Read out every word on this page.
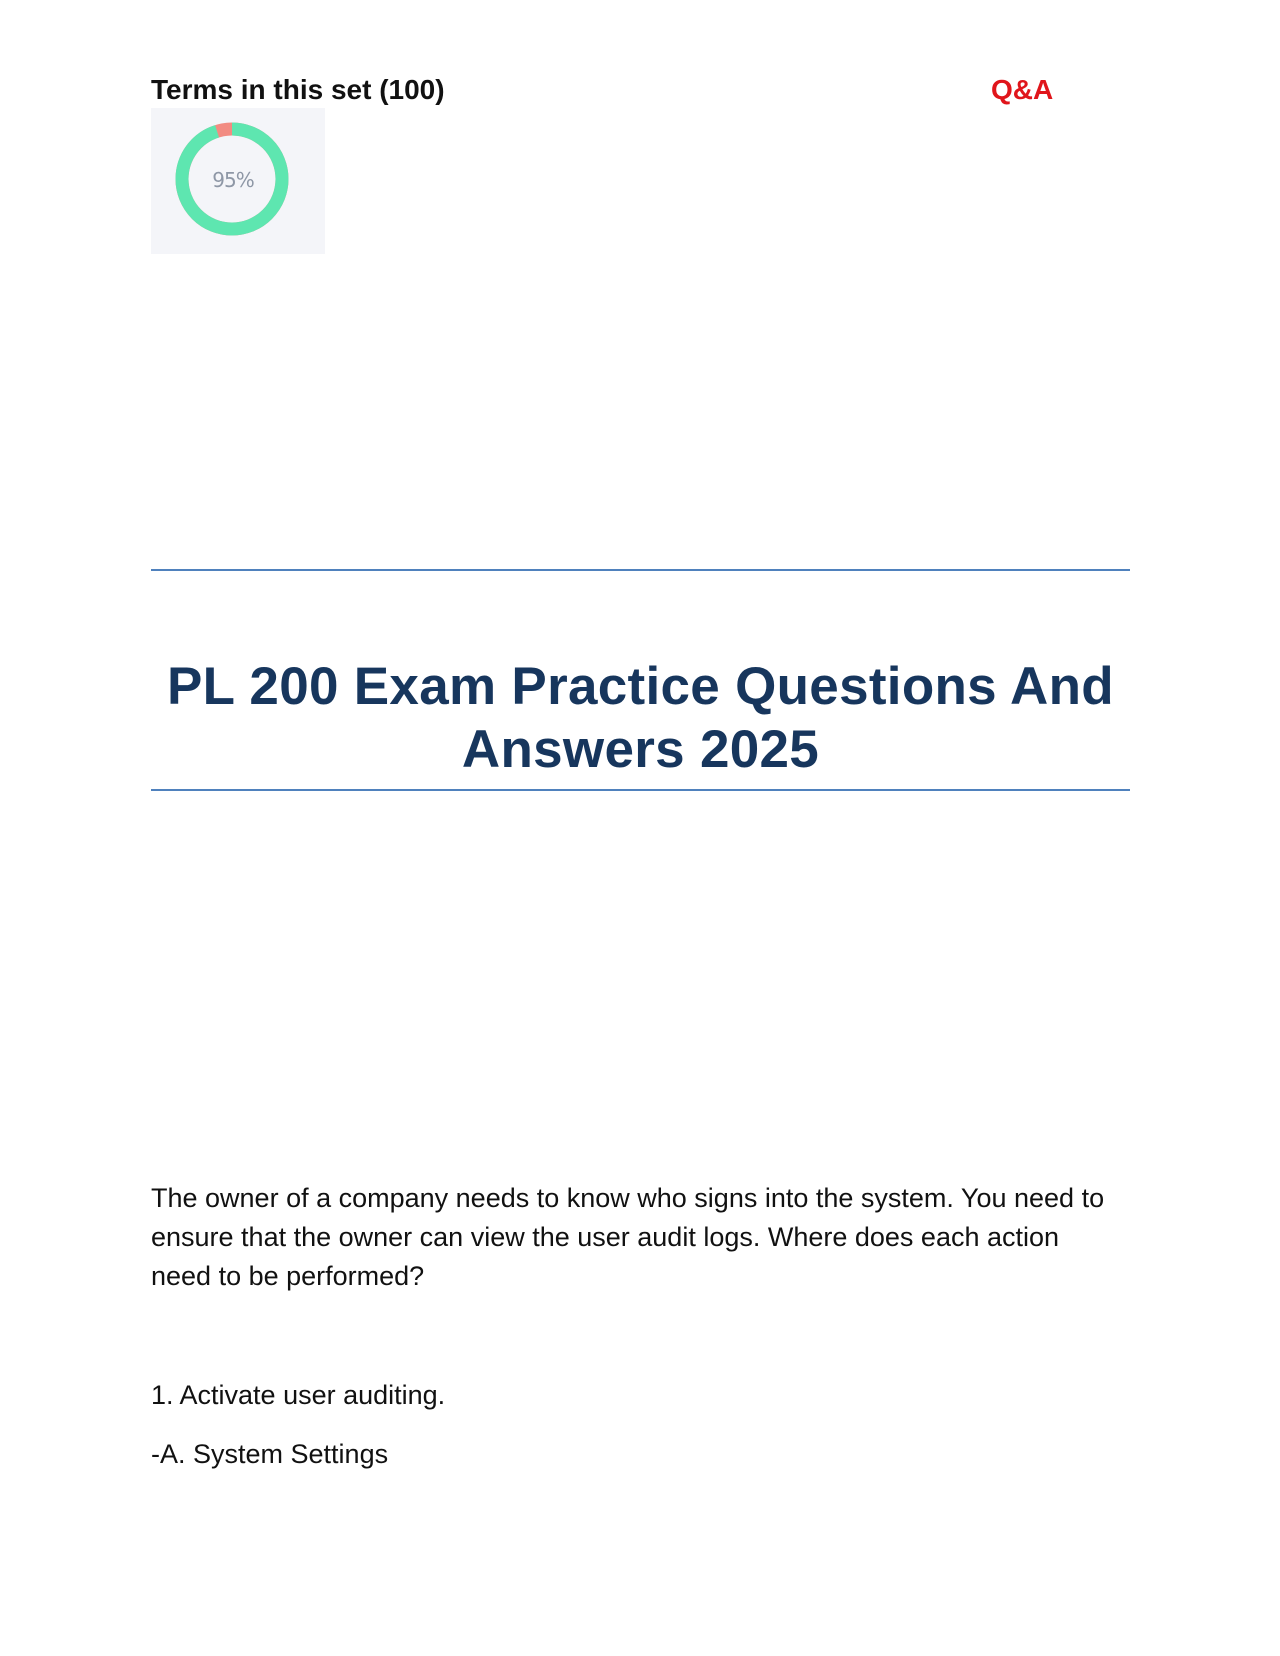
Terms in this set (100)	Q&A
95%
PL 200 Exam Practice Questions And Answers 2025
The owner of a company needs to know who signs into the system. You need to ensure that the owner can view the user audit logs. Where does each action need to be performed?
1. Activate user auditing.
-A. System Settings
